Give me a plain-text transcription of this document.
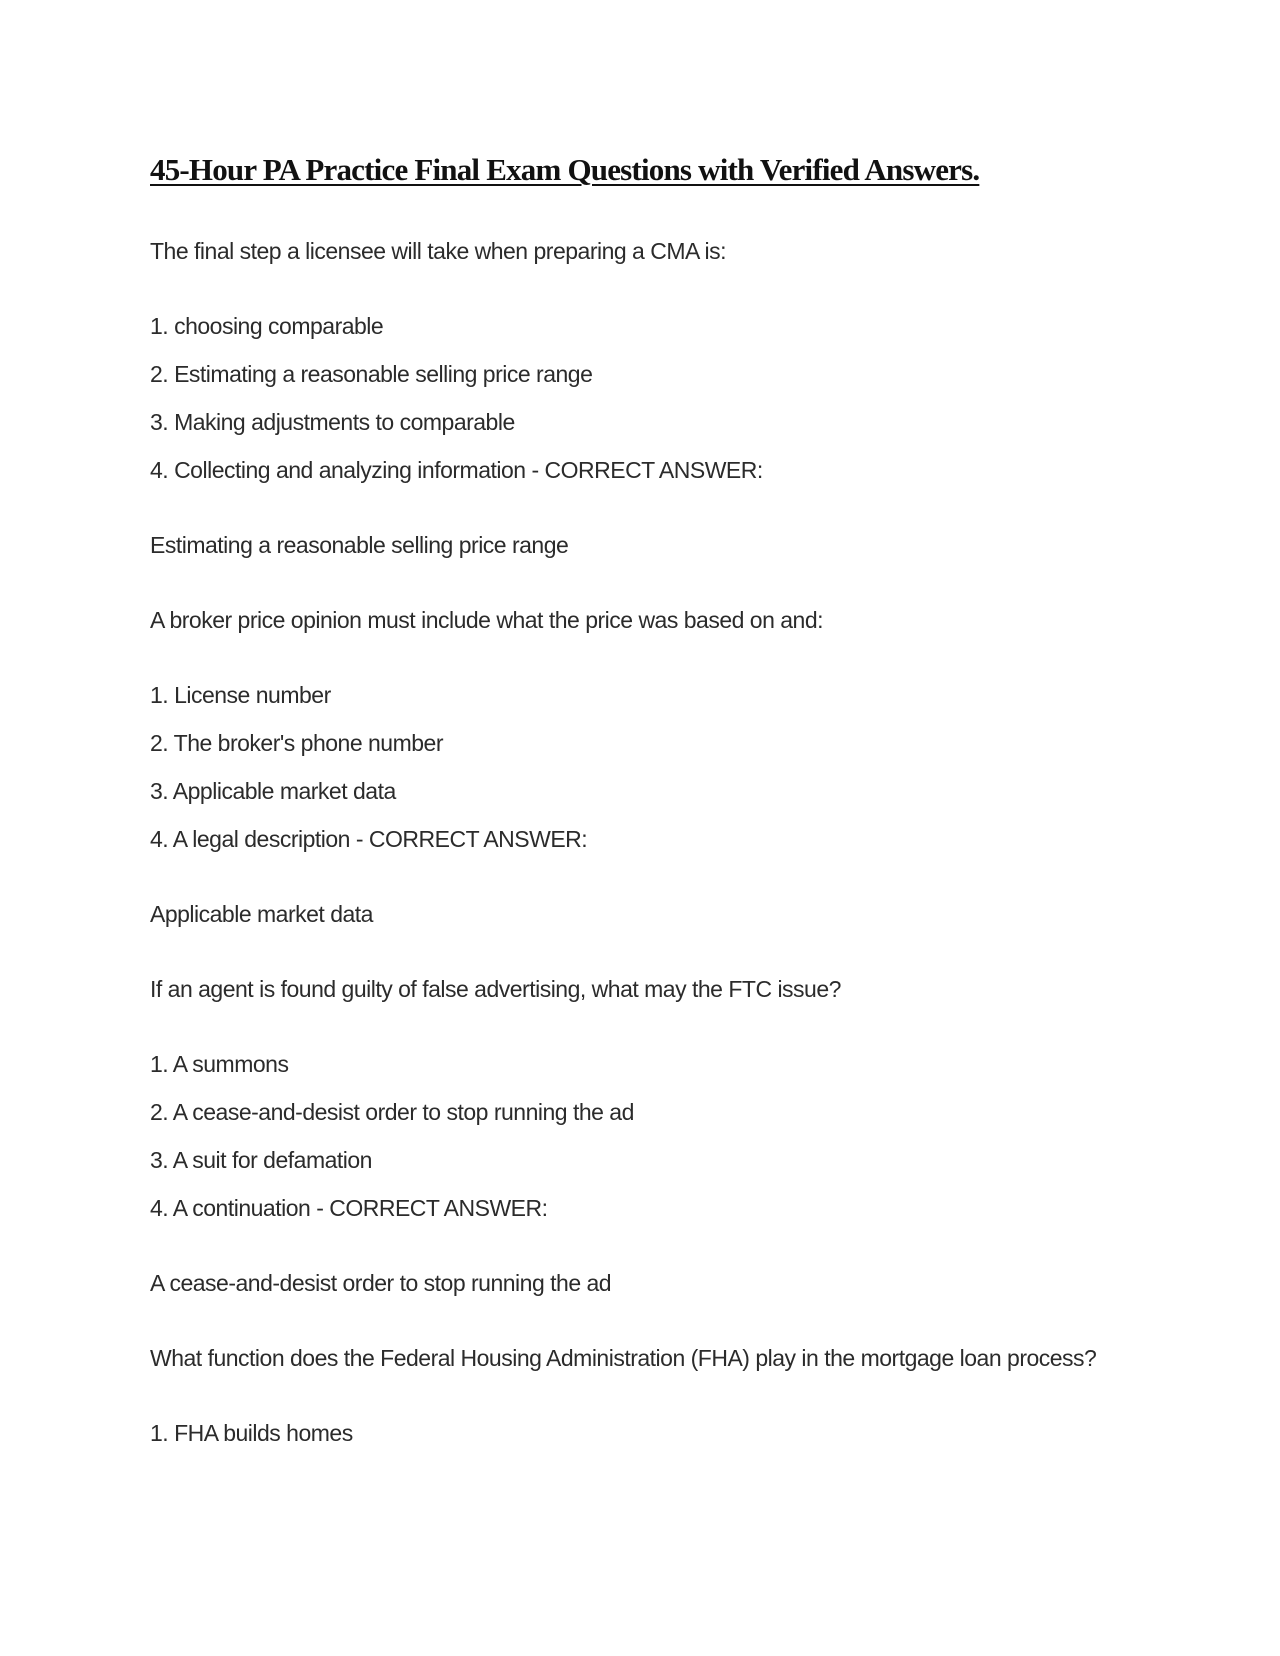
45-Hour PA Practice Final Exam Questions with Verified Answers.

The final step a licensee will take when preparing a CMA is:

1. choosing comparable
2. Estimating a reasonable selling price range
3. Making adjustments to comparable
4. Collecting and analyzing information - CORRECT ANSWER:

Estimating a reasonable selling price range

A broker price opinion must include what the price was based on and:

1. License number
2. The broker's phone number
3. Applicable market data
4. A legal description - CORRECT ANSWER:

Applicable market data

If an agent is found guilty of false advertising, what may the FTC issue?

1. A summons
2. A cease-and-desist order to stop running the ad
3. A suit for defamation
4. A continuation - CORRECT ANSWER:

A cease-and-desist order to stop running the ad

What function does the Federal Housing Administration (FHA) play in the mortgage loan process?

1. FHA builds homes
